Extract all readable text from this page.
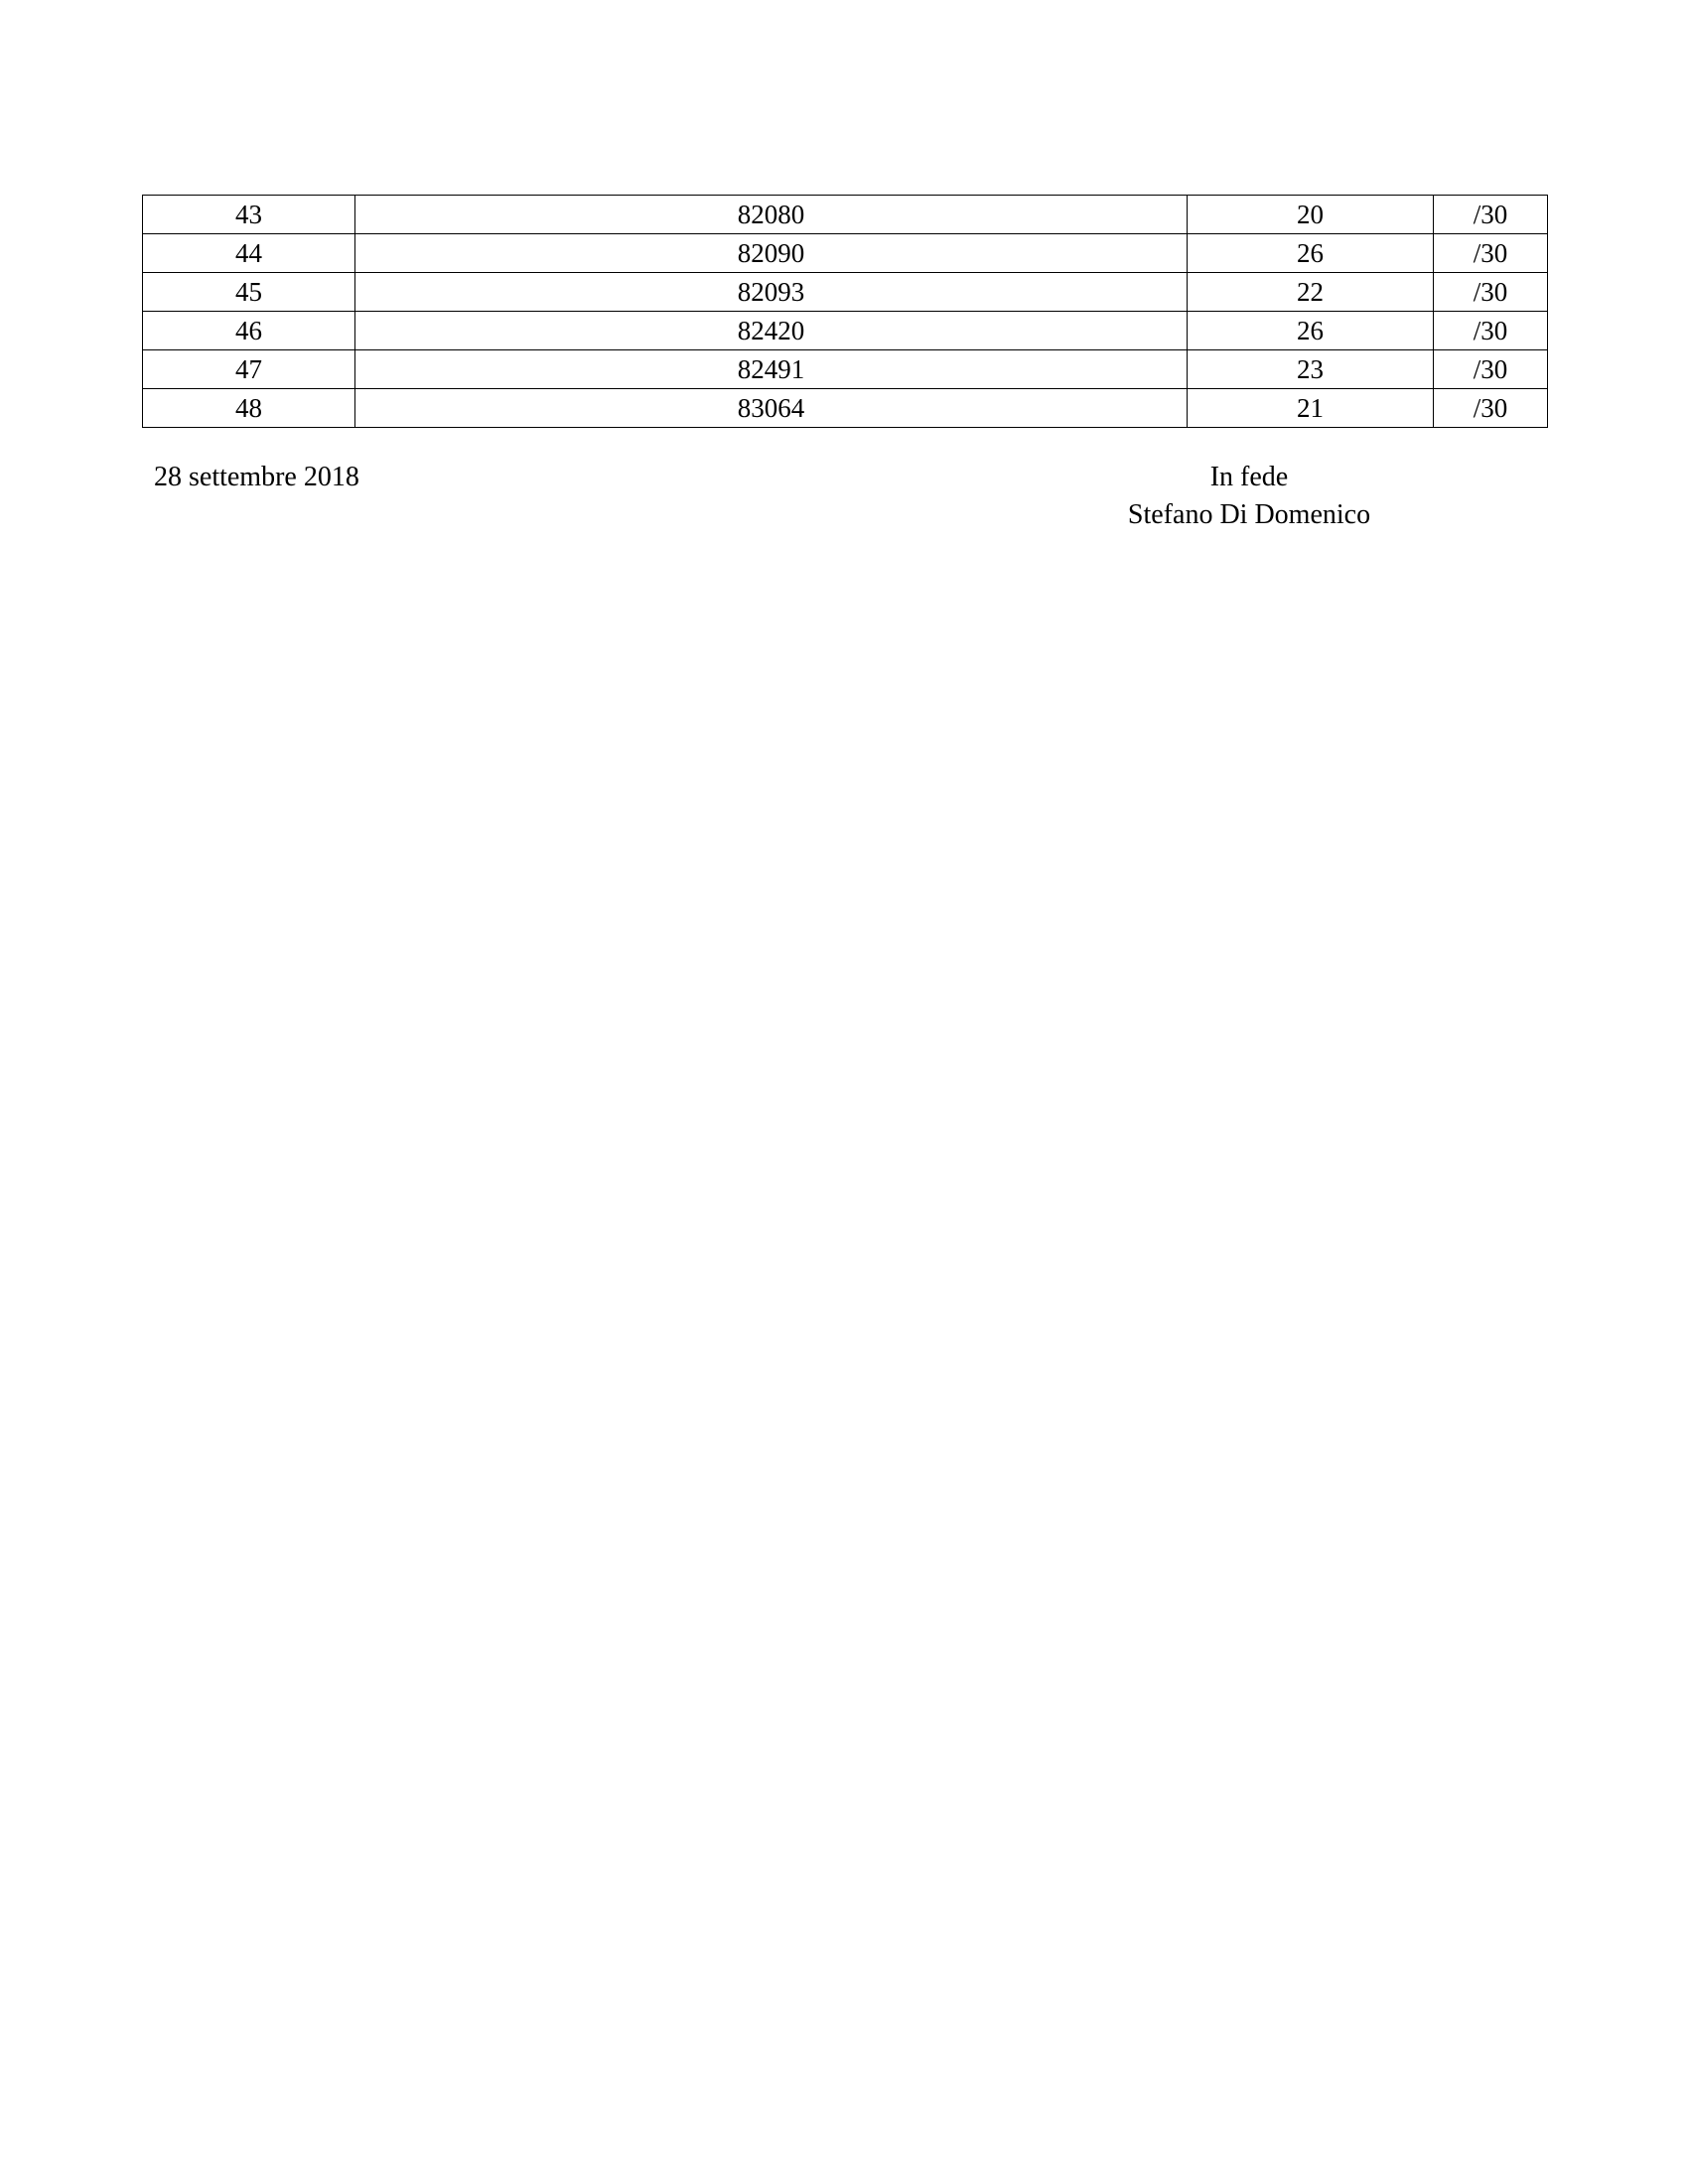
43	82080	20	/30
44	82090	26	/30
45	82093	22	/30
46	82420	26	/30
47	82491	23	/30
48	83064	21	/30
28 settembre 2018	In fede
Stefano Di Domenico
